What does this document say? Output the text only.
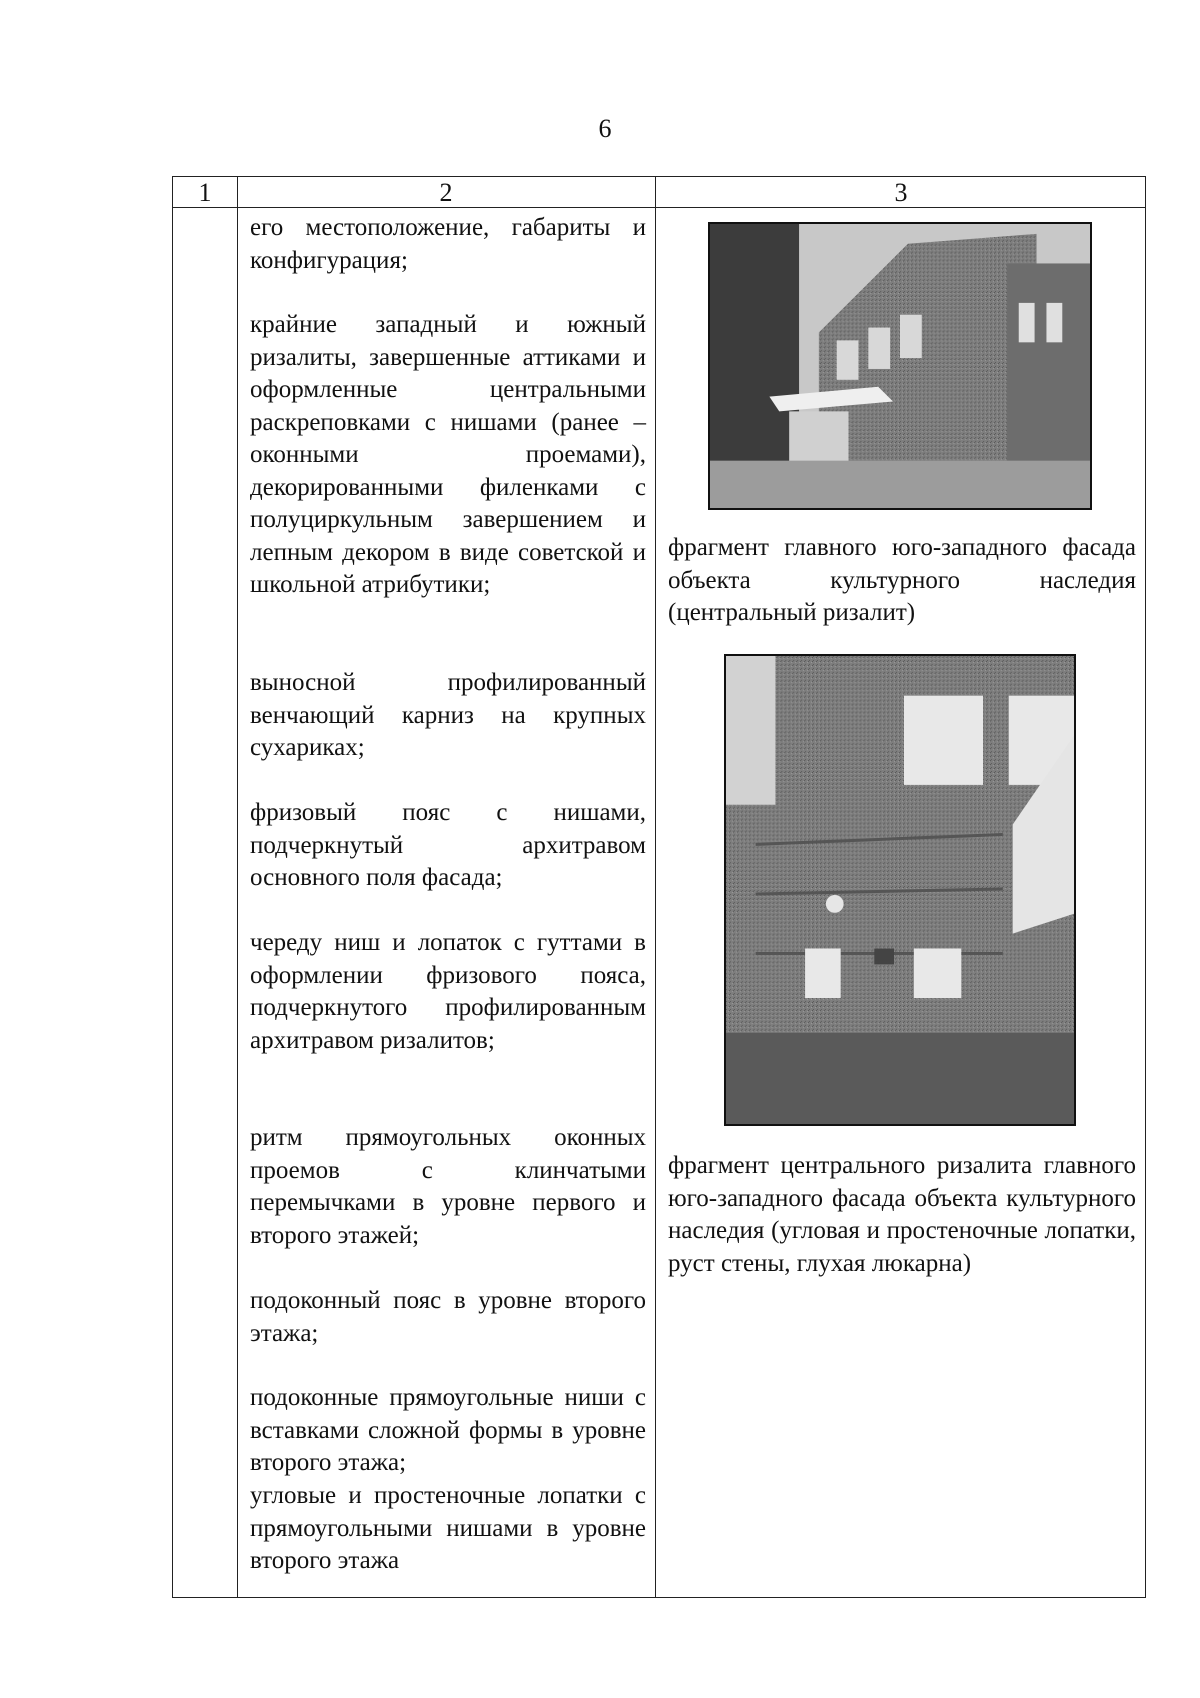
6
1	2	3

его местоположение, габариты и конфигурация;

крайние западный и южный ризалиты, завершенные аттиками и оформленные центральными раскреповками с нишами (ранее – оконными проемами), декорированными филенками с полуциркульным завершением и лепным декором в виде советской и школьной атрибутики;

выносной профилированный венчающий карниз на крупных сухариках;

фризовый пояс с нишами, подчеркнутый архитравом основного поля фасада;

череду ниш и лопаток с гуттами в оформлении фризового пояса, подчеркнутого профилированным архитравом ризалитов;

ритм прямоугольных оконных проемов с клинчатыми перемычками в уровне первого и второго этажей;

подоконный пояс в уровне второго этажа;

подоконные прямоугольные ниши с вставками сложной формы в уровне второго этажа;

угловые и простеночные лопатки с прямоугольными нишами в уровне второго этажа

фрагмент главного юго-западного фасада объекта культурного наследия (центральный ризалит)

фрагмент центрального ризалита главного юго-западного фасада объекта культурного наследия (угловая и простеночные лопатки, руст стены, глухая люкарна)
